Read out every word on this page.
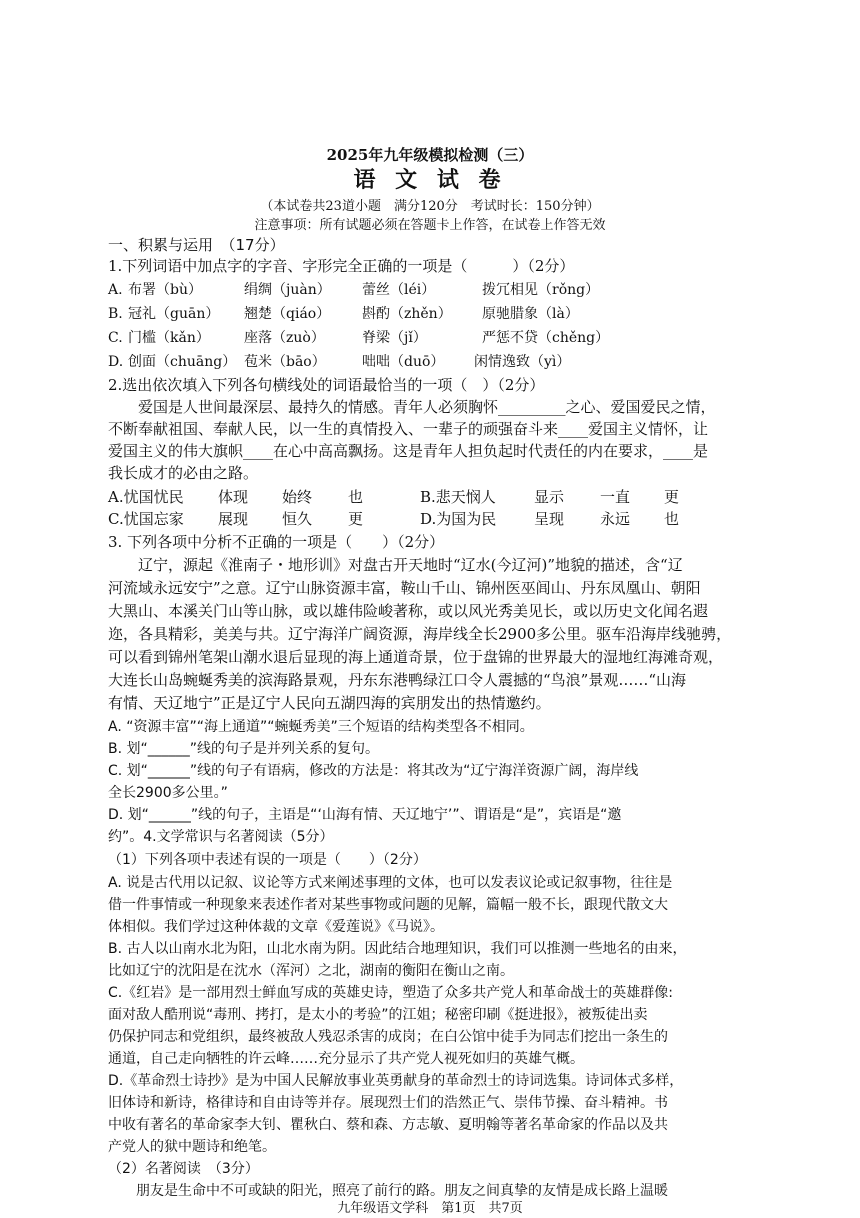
2025年九年级模拟检测（三）
语 文 试 卷
（本试卷共23道小题　满分120分　考试时长：150分钟）
注意事项：所有试题必须在答题卡上作答，在试卷上作答无效
一、积累与运用　（17分）
1.下列词语中加点字的字音、字形完全正确的一项是（　　　）（2分）
A. 布署（bù）	绢绸（juàn） 蕾丝（léi）	拨冗相见（rǒng）
B. 冠礼（guān） 翘楚（qiáo） 斟酌（zhěn） 原驰腊象（là）
C. 门槛（kǎn） 座落（zuò）	脊梁（jǐ）	严惩不贷（chěng）
D. 创面（chuāng） 苞米（bāo）	咄咄（duō） 闲情逸致（yì）
2.选出依次填入下列各句横线处的词语最恰当的一项（　）（2分）
　　爱国是人世间最深层、最持久的情感。青年人必须胸怀_________之心、爱国爱民之情，
不断奉献祖国、奉献人民，以一生的真情投入、一辈子的顽强奋斗来____爱国主义情怀，让
爱国主义的伟大旗帜____在心中高高飘扬。这是青年人担负起时代责任的内在要求，____是
我长成才的必由之路。
A.忧国忧民 体现 始终 也	B.悲天悯人	显示 一直 更
C.忧国忘家 展现 恒久 更	D.为国为民	呈现 永远 也
3. 下列各项中分析不正确的一项是（　　）（2分）
　　辽宁，源起《淮南子・地形训》对盘古开天地时“辽水(今辽河)”地貌的描述，含“辽
河流域永远安宁”之意。辽宁山脉资源丰富，鞍山千山、锦州医巫闾山、丹东凤凰山、朝阳
大黑山、本溪关门山等山脉，或以雄伟险峻著称，或以风光秀美见长，或以历史文化闻名遐
迩，各具精彩，美美与共。辽宁海洋广阔资源，海岸线全长2900多公里。驱车沿海岸线驰骋，
可以看到锦州笔架山潮水退后显现的海上通道奇景，位于盘锦的世界最大的湿地红海滩奇观，
大连长山岛蜿蜒秀美的滨海路景观，丹东东港鸭绿江口令人震撼的“鸟浪”景观……“山海
有情、天辽地宁”正是辽宁人民向五湖四海的宾朋发出的热情邀约。
A. “资源丰富”“海上通道”“蜿蜒秀美”三个短语的结构类型各不相同。
B. 划“______”线的句子是并列关系的复句。
C. 划“______”线的句子有语病，修改的方法是：将其改为“辽宁海洋资源广阔，海岸线
全长2900多公里。”
D. 划“______”线的句子，主语是“‘山海有情、天辽地宁’”、谓语是“是”，宾语是“邀
约”。4.文学常识与名著阅读（5分）
（1）下列各项中表述有误的一项是（　　）（2分）
A. 说是古代用以记叙、议论等方式来阐述事理的文体，也可以发表议论或记叙事物，往往是
借一件事情或一种现象来表述作者对某些事物或问题的见解，篇幅一般不长，跟现代散文大
体相似。我们学过这种体裁的文章《爱莲说》《马说》。
B. 古人以山南水北为阳，山北水南为阴。因此结合地理知识，我们可以推测一些地名的由来，
比如辽宁的沈阳是在沈水（浑河）之北，湖南的衡阳在衡山之南。
C.《红岩》是一部用烈士鲜血写成的英雄史诗，塑造了众多共产党人和革命战士的英雄群像:
面对敌人酷刑说“毒刑、拷打，是太小的考验”的江姐；秘密印刷《挺进报》，被叛徒出卖
仍保护同志和党组织，最终被敌人残忍杀害的成岗；在白公馆中徒手为同志们挖出一条生的
通道，自己走向牺牲的许云峰……充分显示了共产党人视死如归的英雄气概。
D.《革命烈士诗抄》是为中国人民解放事业英勇献身的革命烈士的诗词选集。诗词体式多样，
旧体诗和新诗，格律诗和自由诗等并存。展现烈士们的浩然正气、崇伟节操、奋斗精神。书
中收有著名的革命家李大钊、瞿秋白、蔡和森、方志敏、夏明翰等著名革命家的作品以及共
产党人的狱中题诗和绝笔。
（2）名著阅读　（3分）
　　朋友是生命中不可或缺的阳光，照亮了前行的路。朋友之间真挚的友情是成长路上温暖
九年级语文学科　第1页　共7页
